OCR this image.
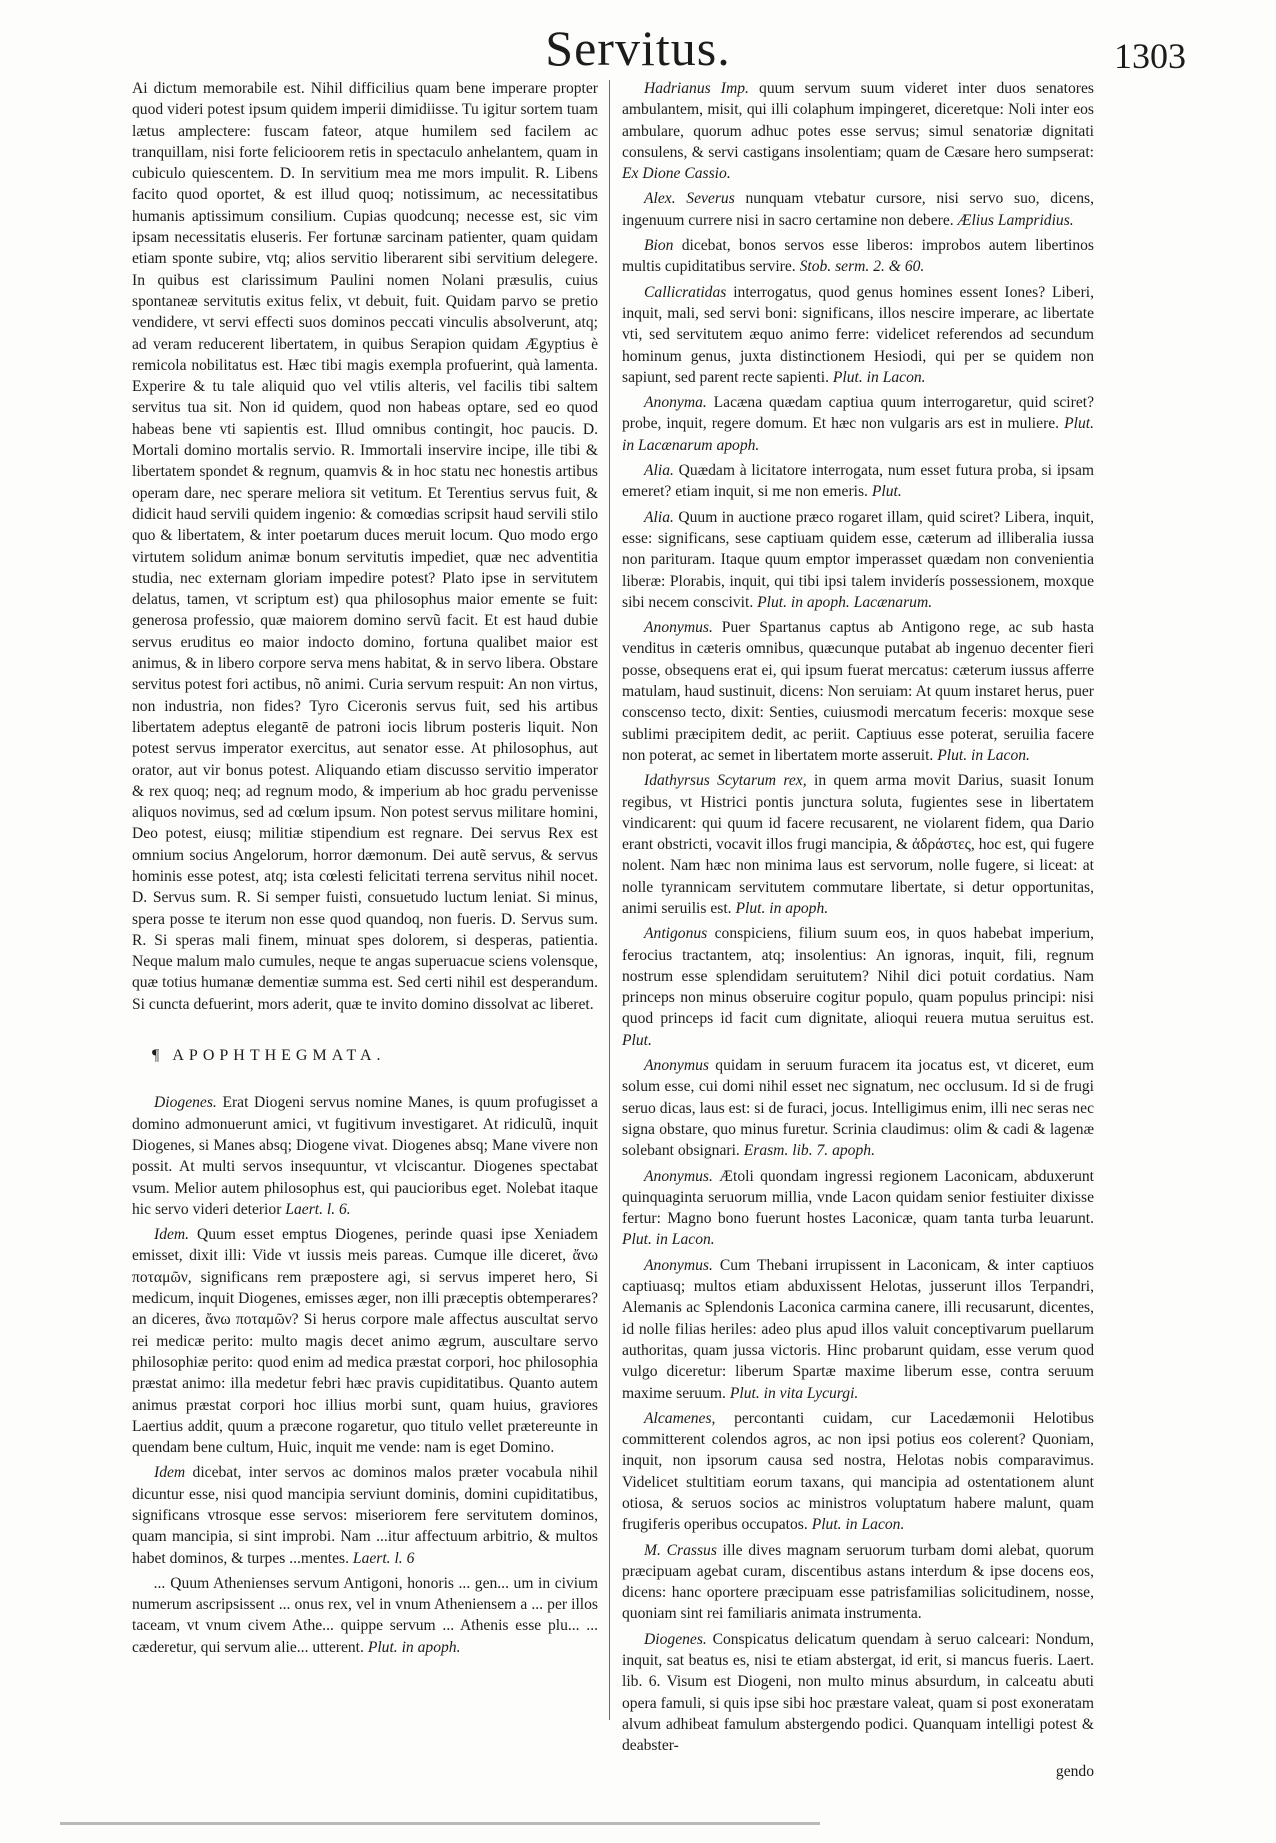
Servitus.	1303

Ai dictum memorabile est. Nihil difficilius quam bene imperare propter quod videri potest ipsum quidem imperii dimidiisse. Tu igitur sortem tuam lætus amplectere: fuscam fateor, atque humilem sed facilem ac tranquillam, nisi forte felicioorem retis in spectaculo anhelantem, quam in cubiculo quiescentem. D. In servitium mea me mors impulit. R. Libens facito quod oportet, & est illud quoq; notissimum, ac necessitatibus humanis aptissimum consilium. Cupias quodcunq; necesse est, sic vim ipsam necessitatis eluseris. Fer fortunæ sarcinam patienter, quam quidam etiam sponte subire, vtq; alios servitio liberarent sibi servitium delegere. In quibus est clarissimum Paulini nomen Nolani præsulis, cuius spontaneæ servitutis exitus felix, vt debuit, fuit. Quidam parvo se pretio vendidere, vt servi effecti suos dominos peccati vinculis absolverunt, atq; ad veram reducerent libertatem, in quibus Serapion quidam Ægyptius è remicola nobilitatus est. Hæc tibi magis exempla profuerint, quà lamenta. Experire & tu tale aliquid quo vel vtilis alteris, vel facilis tibi saltem servitus tua sit. Non id quidem, quod non habeas optare, sed eo quod habeas bene vti sapientis est. Illud omnibus contingit, hoc paucis. D. Mortali domino mortalis servio. R. Immortali inservire incipe, ille tibi & libertatem spondet & regnum, quamvis & in hoc statu nec honestis artibus operam dare, nec sperare meliora sit vetitum. Et Terentius servus fuit, & didicit haud servili quidem ingenio: & comœdias scripsit haud servili stilo quo & libertatem, & inter poetarum duces meruit locum. Quo modo ergo virtutem solidum animæ bonum servitutis impediet, quæ nec adventitia studia, nec externam gloriam impedire potest? Plato ipse in servitutem delatus, tamen, vt scriptum est) qua philosophus maior emente se fuit: generosa professio, quæ maiorem domino servũ facit. Et est haud dubie servus eruditus eo maior indocto domino, fortuna qualibet maior est animus, & in libero corpore serva mens habitat, & in servo libera. Obstare servitus potest fori actibus, nõ animi. Curia servum respuit: An non virtus, non industria, non fides? Tyro Ciceronis servus fuit, sed his artibus libertatem adeptus elegantē de patroni iocis librum posteris liquit. Non potest servus imperator exercitus, aut senator esse. At philosophus, aut orator, aut vir bonus potest. Aliquando etiam discusso servitio imperator & rex quoq; neq; ad regnum modo, & imperium ab hoc gradu pervenisse aliquos novimus, sed ad cœlum ipsum. Non potest servus militare homini, Deo potest, eiusq; militiæ stipendium est regnare. Dei servus Rex est omnium socius Angelorum, horror dæmonum. Dei autẽ servus, & servus hominis esse potest, atq; ista cœlesti felicitati terrena servitus nihil nocet. D. Servus sum. R. Si semper fuisti, consuetudo luctum leniat. Si minus, spera posse te iterum non esse quod quandoq, non fueris. D. Servus sum. R. Si speras mali finem, minuat spes dolorem, si desperas, patientia. Neque malum malo cumules, neque te angas superuacue sciens volensque, quæ totius humanæ dementiæ summa est. Sed certi nihil est desperandum. Si cuncta defuerint, mors aderit, quæ te invito domino dissolvat ac liberet.

¶ APOPHTHEGMATA.

Diogenes. Erat Diogeni servus nomine Manes, is quum profugisset a domino admonuerunt amici, vt fugitivum investigaret. At ridiculũ, inquit Diogenes, si Manes absq; Diogene vivat. Diogenes absq; Mane vivere non possit. At multi servos insequuntur, vt vlciscantur. Diogenes spectabat vsum. Melior autem philosophus est, qui paucioribus eget. Nolebat itaque hic servo videri deterior Laert. l. 6.

Idem. Quum esset emptus Diogenes, perinde quasi ipse Xeniadem emisset, dixit illi: Vide vt iussis meis pareas. Cumque ille diceret, ἄνω ποταμῶν, significans rem præpostere agi, si servus imperet hero, Si medicum, inquit Diogenes, emisses æger, non illi præceptis obtemperares? an diceres, ἄνω ποταμῶν? Si herus corpore male affectus auscultat servo rei medicæ perito: multo magis decet animo ægrum, auscultare servo philosophiæ perito: quod enim ad medica præstat corpori, hoc philosophia præstat animo: illa medetur febri hæc pravis cupiditatibus. Quanto autem animus præstat corpori hoc illius morbi sunt, quam huius, graviores Laertius addit, quum a præcone rogaretur, quo titulo vellet prætereunte in quendam bene cultum, Huic, inquit me vende: nam is eget Domino.

Idem dicebat, inter servos ac dominos malos præter vocabula nihil dicuntur esse, nisi quod mancipia serviunt dominis, domini cupiditatibus, significans vtrosque esse servos: miseriorem fere servitutem dominos, quam mancipia, si sint improbi. Nam ...itur affectuum arbitrio, & multos habet dominos, & turpes ...mentes. Laert. l. 6

... Quum Athenienses servum Antigoni, honoris ... gen... um in civium numerum ascripsissent ... onus rex, vel in vnum Atheniensem a ... per illos taceam, vt vnum civem Athe... quippe servum ... Athenis esse plu... ... cæderetur, qui servum alie... utterent. Plut. in apoph.

Hadrianus Imp. quum servum suum videret inter duos senatores ambulantem, misit, qui illi colaphum impingeret, diceretque: Noli inter eos ambulare, quorum adhuc potes esse servus; simul senatoriæ dignitati consulens, & servi castigans insolentiam; quam de Cæsare hero sumpserat: Ex Dione Cassio.

Alex. Severus nunquam vtebatur cursore, nisi servo suo, dicens, ingenuum currere nisi in sacro certamine non debere. Ælius Lampridius.

Bion dicebat, bonos servos esse liberos: improbos autem libertinos multis cupiditatibus servire. Stob. serm. 2. & 60.

Callicratidas interrogatus, quod genus homines essent Iones? Liberi, inquit, mali, sed servi boni: significans, illos nescire imperare, ac libertate vti, sed servitutem æquo animo ferre: videlicet referendos ad secundum hominum genus, juxta distinctionem Hesiodi, qui per se quidem non sapiunt, sed parent recte sapienti. Plut. in Lacon.

Anonyma. Lacæna quædam captiua quum interrogaretur, quid sciret? probe, inquit, regere domum. Et hæc non vulgaris ars est in muliere. Plut. in Lacænarum apoph.

Alia. Quædam à licitatore interrogata, num esset futura proba, si ipsam emeret? etiam inquit, si me non emeris. Plut.

Alia. Quum in auctione præco rogaret illam, quid sciret? Libera, inquit, esse: significans, sese captiuam quidem esse, cæterum ad illiberalia iussa non parituram. Itaque quum emptor imperasset quædam non convenientia liberæ: Plorabis, inquit, qui tibi ipsi talem inviderís possessionem, moxque sibi necem conscivit. Plut. in apoph. Lacænarum.

Anonymus. Puer Spartanus captus ab Antigono rege, ac sub hasta venditus in cæteris omnibus, quæcunque putabat ab ingenuo decenter fieri posse, obsequens erat ei, qui ipsum fuerat mercatus: cæterum iussus afferre matulam, haud sustinuit, dicens: Non seruiam: At quum instaret herus, puer conscenso tecto, dixit: Senties, cuiusmodi mercatum feceris: moxque sese sublimi præcipitem dedit, ac periit. Captiuus esse poterat, seruilia facere non poterat, ac semet in libertatem morte asseruit. Plut. in Lacon.

Idathyrsus Scytarum rex, in quem arma movit Darius, suasit Ionum regibus, vt Histrici pontis junctura soluta, fugientes sese in libertatem vindicarent: qui quum id facere recusarent, ne violarent fidem, qua Dario erant obstricti, vocavit illos frugi mancipia, & ἀδράστες, hoc est, qui fugere nolent. Nam hæc non minima laus est servorum, nolle fugere, si liceat: at nolle tyrannicam servitutem commutare libertate, si detur opportunitas, animi seruilis est. Plut. in apoph.

Antigonus conspiciens, filium suum eos, in quos habebat imperium, ferocius tractantem, atq; insolentius: An ignoras, inquit, fili, regnum nostrum esse splendidam seruitutem? Nihil dici potuit cordatius. Nam princeps non minus obseruire cogitur populo, quam populus principi: nisi quod princeps id facit cum dignitate, alioqui reuera mutua seruitus est. Plut.

Anonymus quidam in seruum furacem ita jocatus est, vt diceret, eum solum esse, cui domi nihil esset nec signatum, nec occlusum. Id si de frugi seruo dicas, laus est: si de furaci, jocus. Intelligimus enim, illi nec seras nec signa obstare, quo minus furetur. Scrinia claudimus: olim & cadi & lagenæ solebant obsignari. Erasm. lib. 7. apoph.

Anonymus. Ætoli quondam ingressi regionem Laconicam, abduxerunt quinquaginta seruorum millia, vnde Lacon quidam senior festiuiter dixisse fertur: Magno bono fuerunt hostes Laconicæ, quam tanta turba leuarunt. Plut. in Lacon.

Anonymus. Cum Thebani irrupissent in Laconicam, & inter captiuos captiuasq; multos etiam abduxissent Helotas, jusserunt illos Terpandri, Alemanis ac Splendonis Laconica carmina canere, illi recusarunt, dicentes, id nolle filias heriles: adeo plus apud illos valuit conceptivarum puellarum authoritas, quam jussa victoris. Hinc probarunt quidam, esse verum quod vulgo diceretur: liberum Spartæ maxime liberum esse, contra seruum maxime seruum. Plut. in vita Lycurgi.

Alcamenes, percontanti cuidam, cur Lacedæmonii Helotibus committerent colendos agros, ac non ipsi potius eos colerent? Quoniam, inquit, non ipsorum causa sed nostra, Helotas nobis comparavimus. Videlicet stultitiam eorum taxans, qui mancipia ad ostentationem alunt otiosa, & seruos socios ac ministros voluptatum habere malunt, quam frugiferis operibus occupatos. Plut. in Lacon.

M. Crassus ille dives magnam seruorum turbam domi alebat, quorum præcipuam agebat curam, discentibus astans interdum & ipse docens eos, dicens: hanc oportere præcipuam esse patrisfamilias solicitudinem, nosse, quoniam sint rei familiaris animata instrumenta.

Diogenes. Conspicatus delicatum quendam à seruo calceari: Nondum, inquit, sat beatus es, nisi te etiam abstergat, id erit, si mancus fueris. Laert. lib. 6. Visum est Diogeni, non multo minus absurdum, in calceatu abuti opera famuli, si quis ipse sibi hoc præstare valeat, quam si post exoneratam alvum adhibeat famulum abstergendo podici. Quanquam intelligi potest & deabster-

gendo
